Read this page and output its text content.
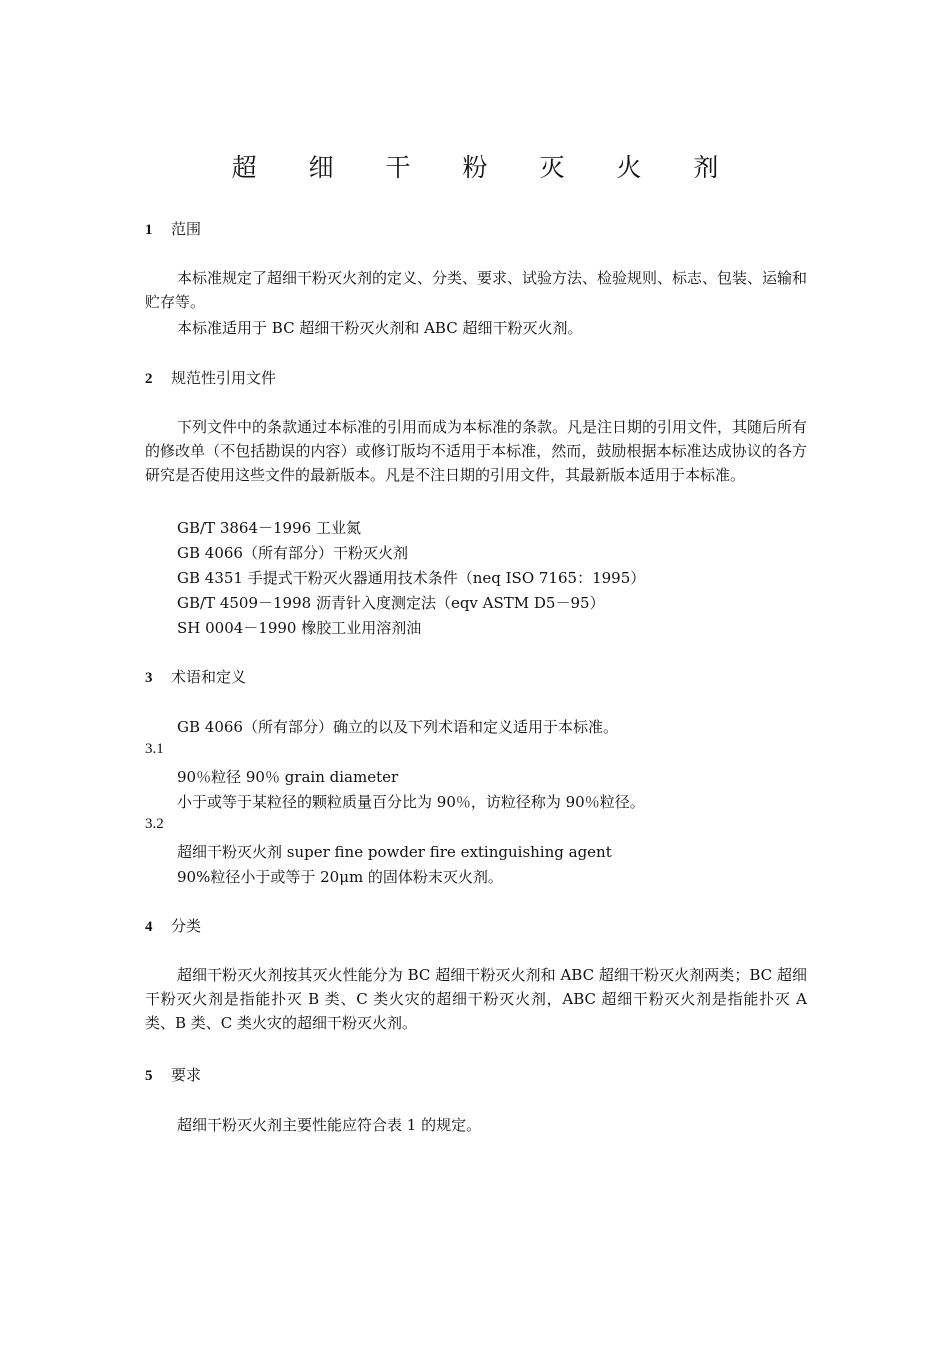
超 细 干 粉 灭 火 剂
1 范围
本标准规定了超细干粉灭火剂的定义、分类、要求、试验方法、检验规则、标志、包装、运输和贮存等。
本标准适用于 BC 超细干粉灭火剂和 ABC 超细干粉灭火剂。
2 规范性引用文件
下列文件中的条款通过本标准的引用而成为本标准的条款。凡是注日期的引用文件，其随后所有的修改单（不包括勘误的内容）或修订版均不适用于本标准，然而，鼓励根据本标准达成协议的各方研究是否使用这些文件的最新版本。凡是不注日期的引用文件，其最新版本适用于本标准。
GB/T 3864－1996 工业氮
GB 4066（所有部分）干粉灭火剂
GB 4351 手提式干粉灭火器通用技术条件（neq ISO 7165：1995）
GB/T 4509－1998 沥青针入度测定法（eqv ASTM D5－95）
SH 0004－1990 橡胶工业用溶剂油
3 术语和定义
GB 4066（所有部分）确立的以及下列术语和定义适用于本标准。
3.1
90％粒径 90％ grain diameter
小于或等于某粒径的颗粒质量百分比为 90％，访粒径称为 90％粒径。
3.2
超细干粉灭火剂 super fine powder fire extinguishing agent
90%粒径小于或等于 20μm 的固体粉末灭火剂。
4 分类
超细干粉灭火剂按其灭火性能分为 BC 超细干粉灭火剂和 ABC 超细干粉灭火剂两类；BC 超细干粉灭火剂是指能扑灭 B 类、C 类火灾的超细干粉灭火剂，ABC 超细干粉灭火剂是指能扑灭 A 类、B 类、C 类火灾的超细干粉灭火剂。
5 要求
超细干粉灭火剂主要性能应符合表 1 的规定。
